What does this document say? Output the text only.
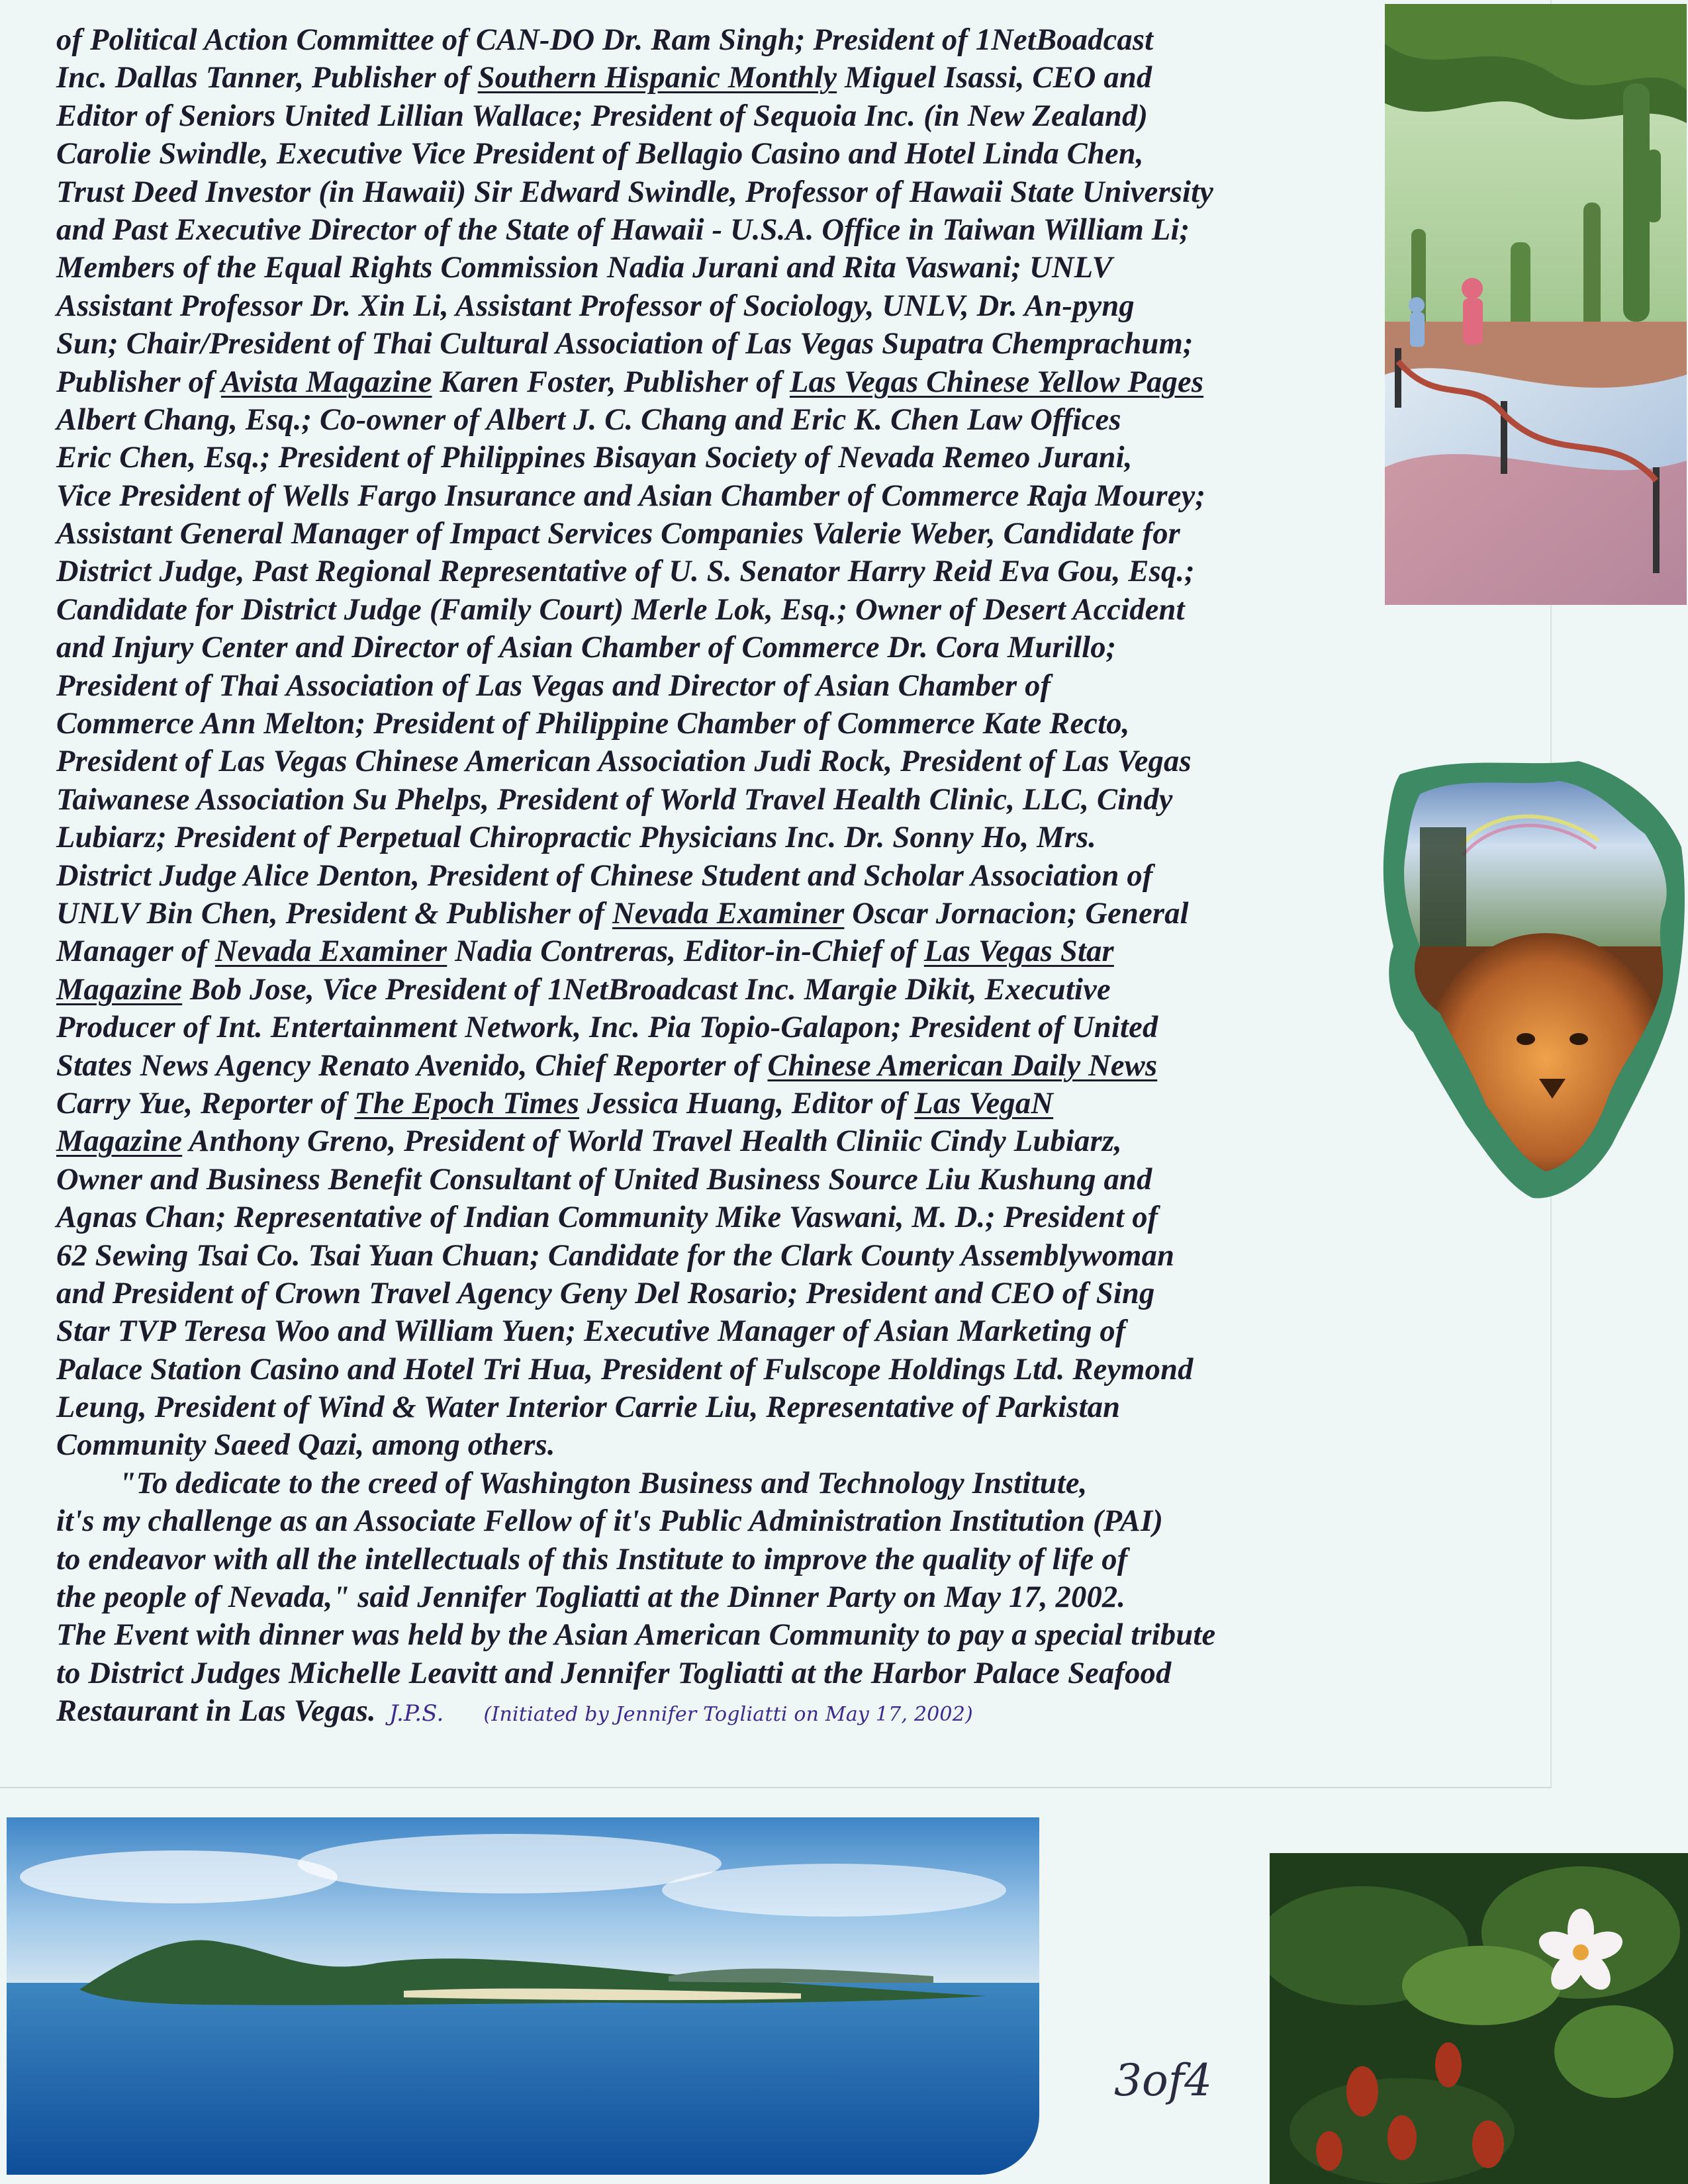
of Political Action Committee of CAN-DO Dr. Ram Singh; President of 1NetBoadcast
Inc. Dallas Tanner, Publisher of Southern Hispanic Monthly Miguel Isassi, CEO and
Editor of Seniors United Lillian Wallace; President of Sequoia Inc. (in New Zealand)
Carolie Swindle, Executive Vice President of Bellagio Casino and Hotel Linda Chen,
Trust Deed Investor (in Hawaii) Sir Edward Swindle, Professor of Hawaii State University
and Past Executive Director of the State of Hawaii - U.S.A. Office in Taiwan William Li;
Members of the Equal Rights Commission Nadia Jurani and Rita Vaswani; UNLV
Assistant Professor Dr. Xin Li, Assistant Professor of Sociology, UNLV, Dr. An-pyng
Sun; Chair/President of Thai Cultural Association of Las Vegas Supatra Chemprachum;
Publisher of Avista Magazine Karen Foster, Publisher of Las Vegas Chinese Yellow Pages
Albert Chang, Esq.; Co-owner of Albert J. C. Chang and Eric K. Chen Law Offices
Eric Chen, Esq.; President of Philippines Bisayan Society of Nevada Remeo Jurani,
Vice President of Wells Fargo Insurance and Asian Chamber of Commerce Raja Mourey;
Assistant General Manager of Impact Services Companies Valerie Weber, Candidate for
District Judge, Past Regional Representative of U. S. Senator Harry Reid Eva Gou, Esq.;
Candidate for District Judge (Family Court) Merle Lok, Esq.; Owner of Desert Accident
and Injury Center and Director of Asian Chamber of Commerce Dr. Cora Murillo;
President of Thai Association of Las Vegas and Director of Asian Chamber of
Commerce Ann Melton; President of Philippine Chamber of Commerce Kate Recto,
President of Las Vegas Chinese American Association Judi Rock, President of Las Vegas
Taiwanese Association Su Phelps, President of World Travel Health Clinic, LLC, Cindy
Lubiarz; President of Perpetual Chiropractic Physicians Inc. Dr. Sonny Ho, Mrs.
District Judge Alice Denton, President of Chinese Student and Scholar Association of
UNLV Bin Chen, President & Publisher of Nevada Examiner Oscar Jornacion; General
Manager of Nevada Examiner Nadia Contreras, Editor-in-Chief of Las Vegas Star
Magazine Bob Jose, Vice President of 1NetBroadcast Inc. Margie Dikit, Executive
Producer of Int. Entertainment Network, Inc. Pia Topio-Galapon; President of United
States News Agency Renato Avenido, Chief Reporter of Chinese American Daily News
Carry Yue, Reporter of The Epoch Times Jessica Huang, Editor of Las VegaN
Magazine Anthony Greno, President of World Travel Health Cliniic Cindy Lubiarz,
Owner and Business Benefit Consultant of United Business Source Liu Kushung and
Agnas Chan; Representative of Indian Community Mike Vaswani, M. D.; President of
62 Sewing Tsai Co. Tsai Yuan Chuan; Candidate for the Clark County Assemblywoman
and President of Crown Travel Agency Geny Del Rosario; President and CEO of Sing
Star TVP Teresa Woo and William Yuen; Executive Manager of Asian Marketing of
Palace Station Casino and Hotel Tri Hua, President of Fulscope Holdings Ltd. Reymond
Leung, President of Wind & Water Interior Carrie Liu, Representative of Parkistan
Community Saeed Qazi, among others.
"To dedicate to the creed of Washington Business and Technology Institute,
it's my challenge as an Associate Fellow of it's Public Administration Institution (PAI)
to endeavor with all the intellectuals of this Institute to improve the quality of life of
the people of Nevada," said Jennifer Togliatti at the Dinner Party on May 17, 2002.
The Event with dinner was held by the Asian American Community to pay a special tribute
to District Judges Michelle Leavitt and Jennifer Togliatti at the Harbor Palace Seafood
Restaurant in Las Vegas. J.P.S. (Initiated by Jennifer Togliatti on May 17, 2002)
3of4
